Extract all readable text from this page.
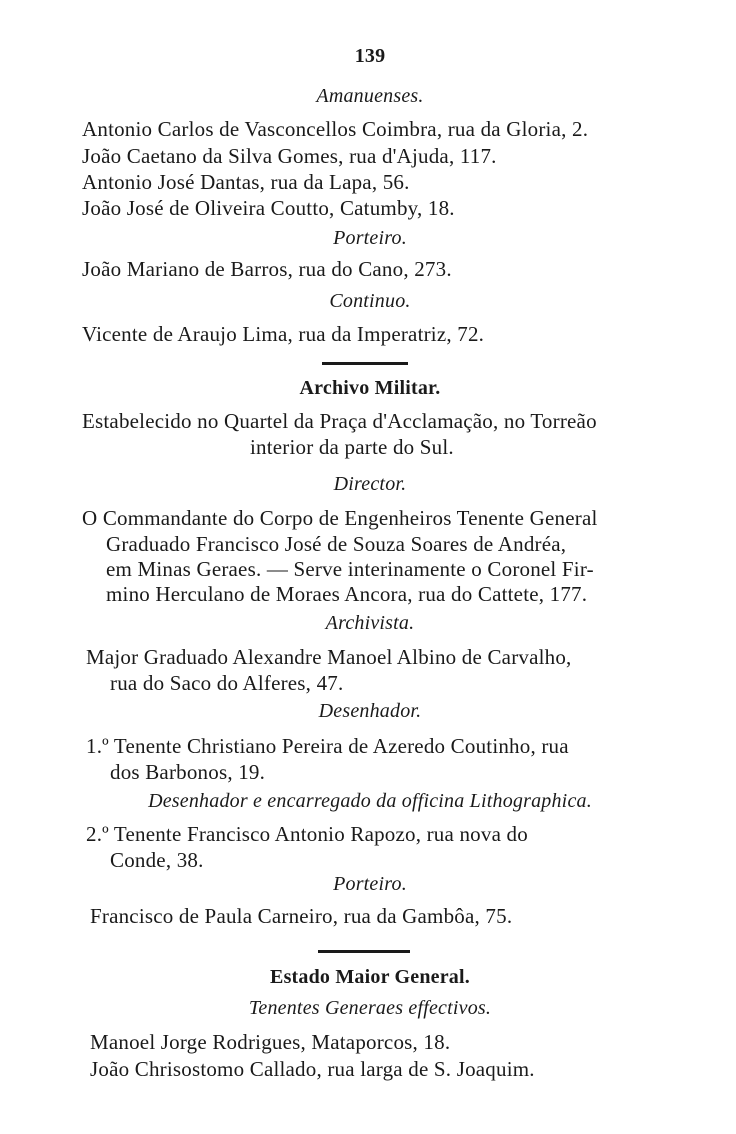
139
Amanuenses.
Antonio Carlos de Vasconcellos Coimbra, rua da Gloria, 2.
João Caetano da Silva Gomes, rua d'Ajuda, 117.
Antonio José Dantas, rua da Lapa, 56.
João José de Oliveira Coutto, Catumby, 18.
Porteiro.
João Mariano de Barros, rua do Cano, 273.
Continuo.
Vicente de Araujo Lima, rua da Imperatriz, 72.
Archivo Militar.
Estabelecido no Quartel da Praça d'Acclamação, no Torreão
interior da parte do Sul.
Director.
O Commandante do Corpo de Engenheiros Tenente General
Graduado Francisco José de Souza Soares de Andréa,
em Minas Geraes. — Serve interinamente o Coronel Fir-
mino Herculano de Moraes Ancora, rua do Cattete, 177.
Archivista.
Major Graduado Alexandre Manoel Albino de Carvalho,
rua do Saco do Alferes, 47.
Desenhador.
1.º Tenente Christiano Pereira de Azeredo Coutinho, rua
dos Barbonos, 19.
Desenhador e encarregado da officina Lithographica.
2.º Tenente Francisco Antonio Rapozo, rua nova do
Conde, 38.
Porteiro.
Francisco de Paula Carneiro, rua da Gambôa, 75.
Estado Maior General.
Tenentes Generaes effectivos.
Manoel Jorge Rodrigues, Mataporcos, 18.
João Chrisostomo Callado, rua larga de S. Joaquim.
